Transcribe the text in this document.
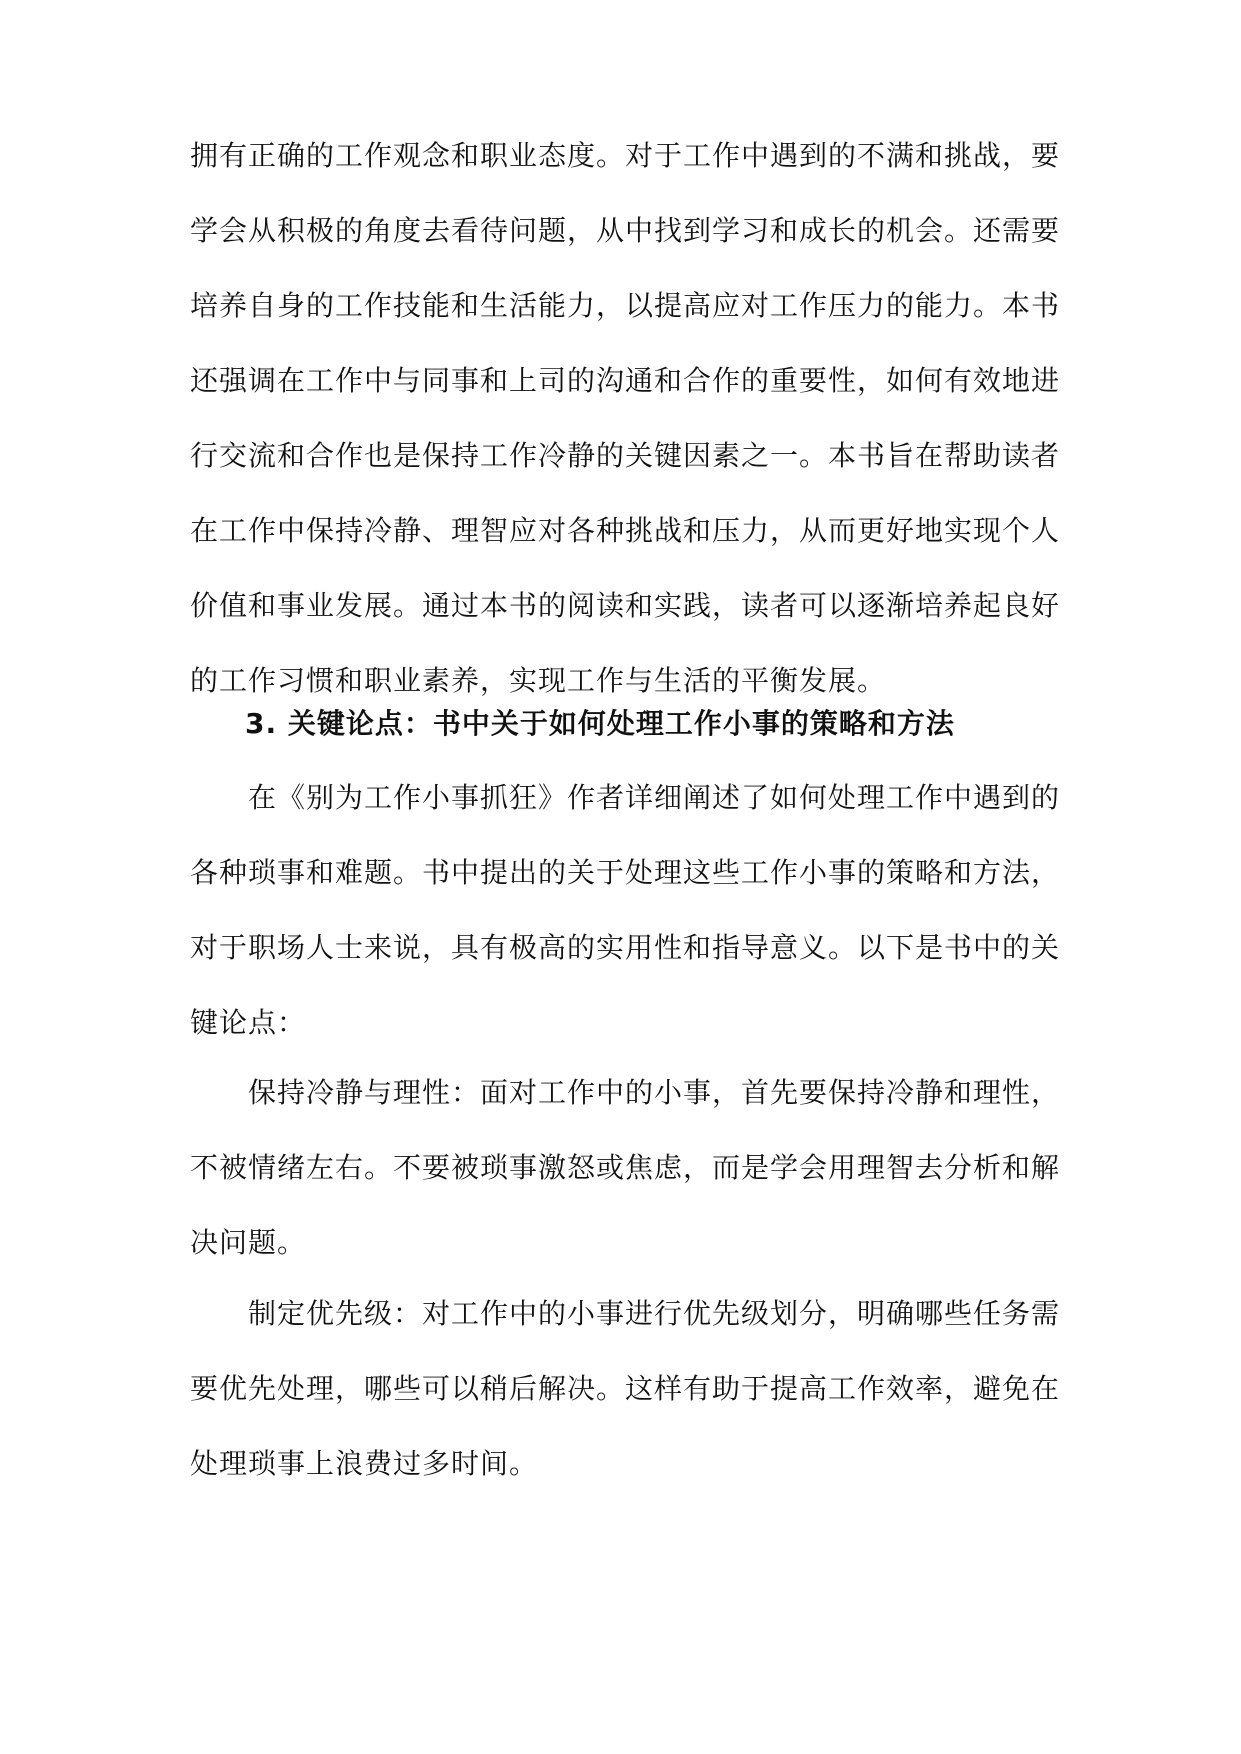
拥有正确的工作观念和职业态度。对于工作中遇到的不满和挑战，要学会从积极的角度去看待问题，从中找到学习和成长的机会。还需要培养自身的工作技能和生活能力，以提高应对工作压力的能力。本书还强调在工作中与同事和上司的沟通和合作的重要性，如何有效地进行交流和合作也是保持工作冷静的关键因素之一。本书旨在帮助读者在工作中保持冷静、理智应对各种挑战和压力，从而更好地实现个人价值和事业发展。通过本书的阅读和实践，读者可以逐渐培养起良好的工作习惯和职业素养，实现工作与生活的平衡发展。

3. 关键论点：书中关于如何处理工作小事的策略和方法

在《别为工作小事抓狂》作者详细阐述了如何处理工作中遇到的各种琐事和难题。书中提出的关于处理这些工作小事的策略和方法，对于职场人士来说，具有极高的实用性和指导意义。以下是书中的关键论点：

保持冷静与理性：面对工作中的小事，首先要保持冷静和理性，不被情绪左右。不要被琐事激怒或焦虑，而是学会用理智去分析和解决问题。

制定优先级：对工作中的小事进行优先级划分，明确哪些任务需要优先处理，哪些可以稍后解决。这样有助于提高工作效率，避免在处理琐事上浪费过多时间。
